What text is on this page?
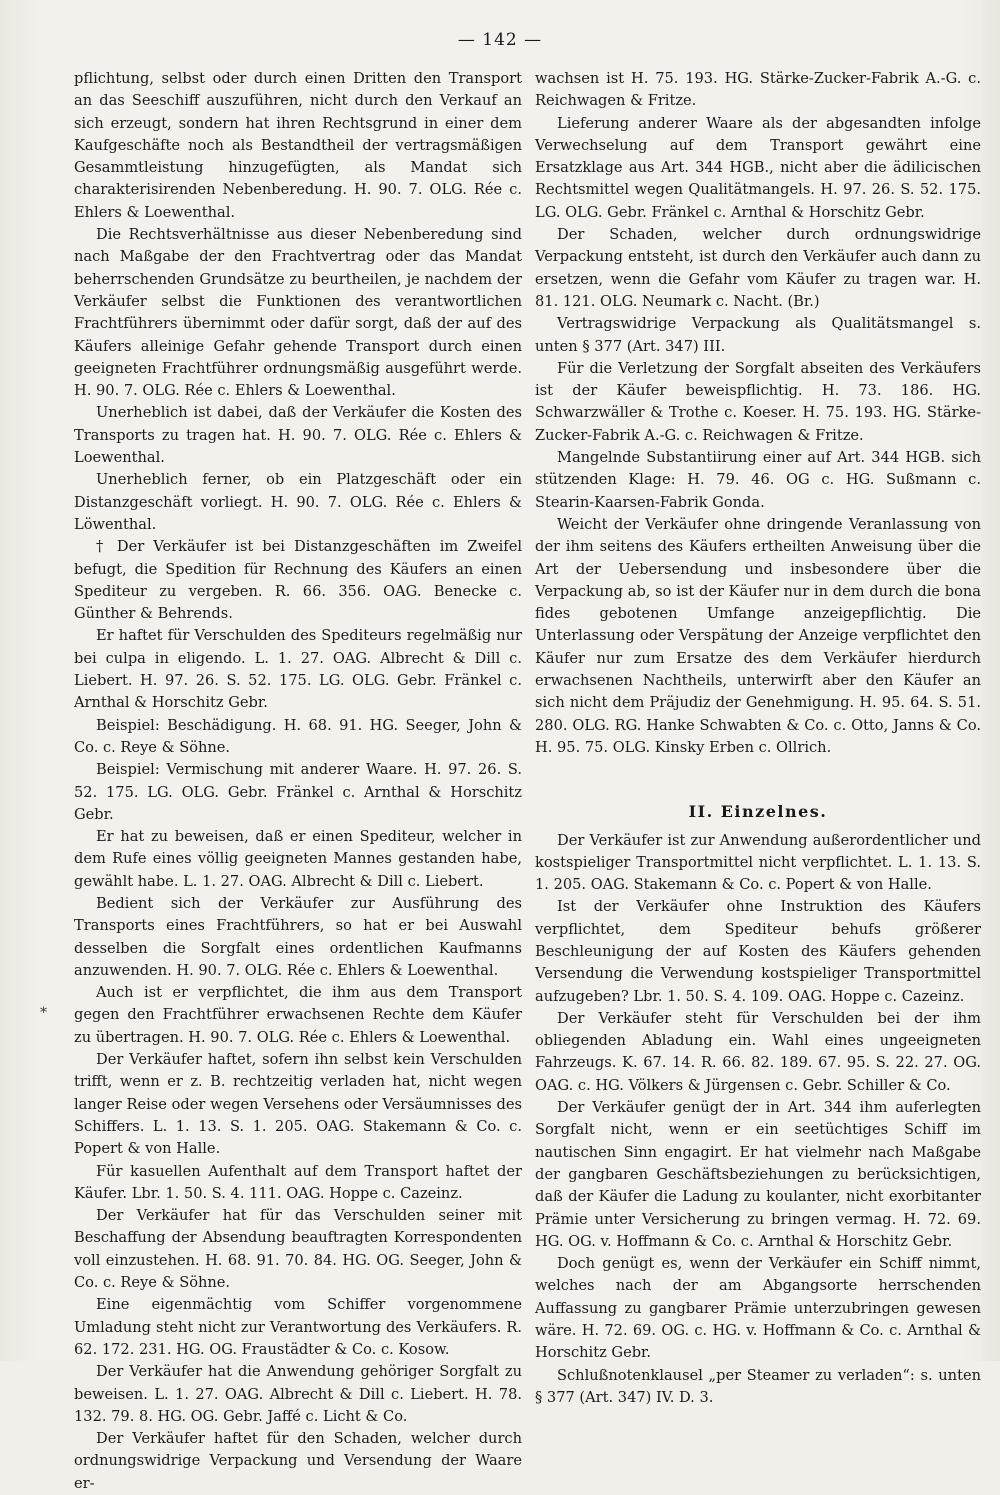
— 142 —
*

pflichtung, selbst oder durch einen Dritten den Transport an das Seeschiff auszuführen, nicht durch den Verkauf an sich erzeugt, sondern hat ihren Rechtsgrund in einer dem Kaufgeschäfte noch als Bestandtheil der vertragsmäßigen Gesammtleistung hinzugefügten, als Mandat sich charakterisirenden Nebenberedung. H. 90. 7. OLG. Rée c. Ehlers & Loewenthal.

Die Rechtsverhältnisse aus dieser Nebenberedung sind nach Maßgabe der den Frachtvertrag oder das Mandat beherrschenden Grundsätze zu beurtheilen, je nachdem der Verkäufer selbst die Funktionen des verantwortlichen Frachtführers übernimmt oder dafür sorgt, daß der auf des Käufers alleinige Gefahr gehende Transport durch einen geeigneten Frachtführer ordnungsmäßig ausgeführt werde. H. 90. 7. OLG. Rée c. Ehlers & Loewenthal.

Unerheblich ist dabei, daß der Verkäufer die Kosten des Transports zu tragen hat. H. 90. 7. OLG. Rée c. Ehlers & Loewenthal.

Unerheblich ferner, ob ein Platzgeschäft oder ein Distanzgeschäft vorliegt. H. 90. 7. OLG. Rée c. Ehlers & Löwenthal.

† Der Verkäufer ist bei Distanzgeschäften im Zweifel befugt, die Spedition für Rechnung des Käufers an einen Spediteur zu vergeben. R. 66. 356. OAG. Benecke c. Günther & Behrends.

Er haftet für Verschulden des Spediteurs regelmäßig nur bei culpa in eligendo. L. 1. 27. OAG. Albrecht & Dill c. Liebert. H. 97. 26. S. 52. 175. LG. OLG. Gebr. Fränkel c. Arnthal & Horschitz Gebr.

Beispiel: Beschädigung. H. 68. 91. HG. Seeger, John & Co. c. Reye & Söhne.

Beispiel: Vermischung mit anderer Waare. H. 97. 26. S. 52. 175. LG. OLG. Gebr. Fränkel c. Arnthal & Horschitz Gebr.

Er hat zu beweisen, daß er einen Spediteur, welcher in dem Rufe eines völlig geeigneten Mannes gestanden habe, gewählt habe. L. 1. 27. OAG. Albrecht & Dill c. Liebert.

Bedient sich der Verkäufer zur Ausführung des Transports eines Frachtführers, so hat er bei Auswahl desselben die Sorgfalt eines ordentlichen Kaufmanns anzuwenden. H. 90. 7. OLG. Rée c. Ehlers & Loewenthal.

Auch ist er verpflichtet, die ihm aus dem Transport gegen den Frachtführer erwachsenen Rechte dem Käufer zu übertragen. H. 90. 7. OLG. Rée c. Ehlers & Loewenthal.

Der Verkäufer haftet, sofern ihn selbst kein Verschulden trifft, wenn er z. B. rechtzeitig verladen hat, nicht wegen langer Reise oder wegen Versehens oder Versäumnisses des Schiffers. L. 1. 13. S. 1. 205. OAG. Stakemann & Co. c. Popert & von Halle.

Für kasuellen Aufenthalt auf dem Transport haftet der Käufer. Lbr. 1. 50. S. 4. 111. OAG. Hoppe c. Cazeinz.

Der Verkäufer hat für das Verschulden seiner mit Beschaffung der Absendung beauftragten Korrespondenten voll einzustehen. H. 68. 91. 70. 84. HG. OG. Seeger, John & Co. c. Reye & Söhne.

Eine eigenmächtig vom Schiffer vorgenommene Umladung steht nicht zur Verantwortung des Verkäufers. R. 62. 172. 231. HG. OG. Fraustädter & Co. c. Kosow.

Der Verkäufer hat die Anwendung gehöriger Sorgfalt zu beweisen. L. 1. 27. OAG. Albrecht & Dill c. Liebert. H. 78. 132. 79. 8. HG. OG. Gebr. Jaffé c. Licht & Co.

Der Verkäufer haftet für den Schaden, welcher durch ordnungswidrige Verpackung und Versendung der Waare er-

wachsen ist H. 75. 193. HG. Stärke-Zucker-Fabrik A.-G. c. Reichwagen & Fritze.

Lieferung anderer Waare als der abgesandten infolge Verwechselung auf dem Transport gewährt eine Ersatzklage aus Art. 344 HGB., nicht aber die ädilicischen Rechtsmittel wegen Qualitätmangels. H. 97. 26. S. 52. 175. LG. OLG. Gebr. Fränkel c. Arnthal & Horschitz Gebr.

Der Schaden, welcher durch ordnungswidrige Verpackung entsteht, ist durch den Verkäufer auch dann zu ersetzen, wenn die Gefahr vom Käufer zu tragen war. H. 81. 121. OLG. Neumark c. Nacht. (Br.)

Vertragswidrige Verpackung als Qualitätsmangel s. unten § 377 (Art. 347) III.

Für die Verletzung der Sorgfalt abseiten des Verkäufers ist der Käufer beweispflichtig. H. 73. 186. HG. Schwarzwäller & Trothe c. Koeser. H. 75. 193. HG. Stärke-Zucker-Fabrik A.-G. c. Reichwagen & Fritze.

Mangelnde Substantiirung einer auf Art. 344 HGB. sich stützenden Klage: H. 79. 46. OG c. HG. Sußmann c. Stearin-Kaarsen-Fabrik Gonda.

Weicht der Verkäufer ohne dringende Veranlassung von der ihm seitens des Käufers ertheilten Anweisung über die Art der Uebersendung und insbesondere über die Verpackung ab, so ist der Käufer nur in dem durch die bona fides gebotenen Umfange anzeigepflichtig. Die Unterlassung oder Verspätung der Anzeige verpflichtet den Käufer nur zum Ersatze des dem Verkäufer hierdurch erwachsenen Nachtheils, unterwirft aber den Käufer an sich nicht dem Präjudiz der Genehmigung. H. 95. 64. S. 51. 280. OLG. RG. Hanke Schwabten & Co. c. Otto, Janns & Co. H. 95. 75. OLG. Kinsky Erben c. Ollrich.

II. Einzelnes.

Der Verkäufer ist zur Anwendung außerordentlicher und kostspieliger Transportmittel nicht verpflichtet. L. 1. 13. S. 1. 205. OAG. Stakemann & Co. c. Popert & von Halle.

Ist der Verkäufer ohne Instruktion des Käufers verpflichtet, dem Spediteur behufs größerer Beschleunigung der auf Kosten des Käufers gehenden Versendung die Verwendung kostspieliger Transportmittel aufzugeben? Lbr. 1. 50. S. 4. 109. OAG. Hoppe c. Cazeinz.

Der Verkäufer steht für Verschulden bei der ihm obliegenden Abladung ein. Wahl eines ungeeigneten Fahrzeugs. K. 67. 14. R. 66. 82. 189. 67. 95. S. 22. 27. OG. OAG. c. HG. Völkers & Jürgensen c. Gebr. Schiller & Co.

Der Verkäufer genügt der in Art. 344 ihm auferlegten Sorgfalt nicht, wenn er ein seetüchtiges Schiff im nautischen Sinn engagirt. Er hat vielmehr nach Maßgabe der gangbaren Geschäftsbeziehungen zu berücksichtigen, daß der Käufer die Ladung zu koulanter, nicht exorbitanter Prämie unter Versicherung zu bringen vermag. H. 72. 69. HG. OG. v. Hoffmann & Co. c. Arnthal & Horschitz Gebr.

Doch genügt es, wenn der Verkäufer ein Schiff nimmt, welches nach der am Abgangsorte herrschenden Auffassung zu gangbarer Prämie unterzubringen gewesen wäre. H. 72. 69. OG. c. HG. v. Hoffmann & Co. c. Arnthal & Horschitz Gebr.

Schlußnotenklausel „per Steamer zu verladen“: s. unten § 377 (Art. 347) IV. D. 3.
